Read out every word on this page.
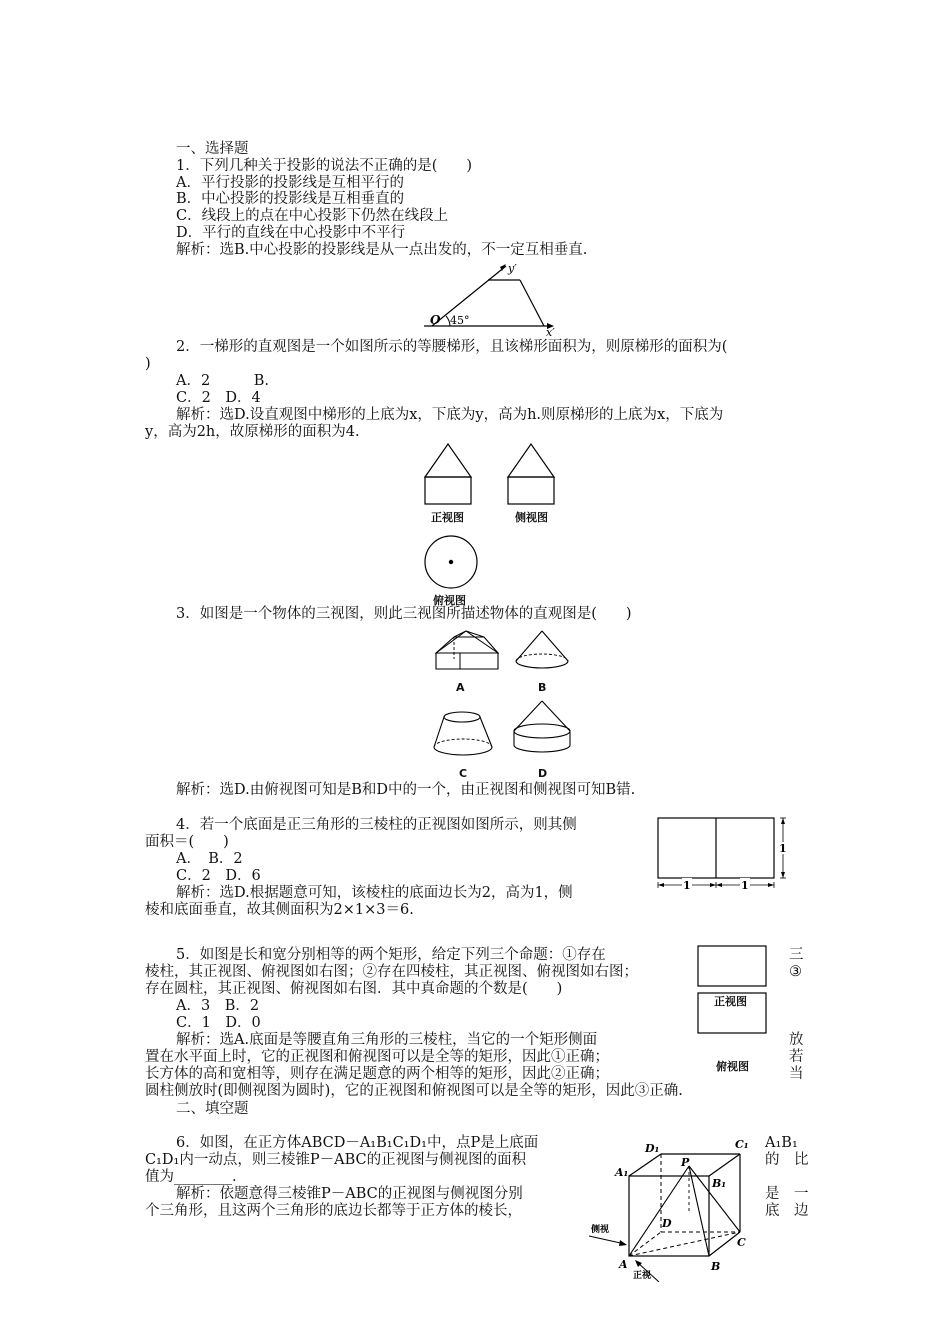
一、选择题
1．下列几种关于投影的说法不正确的是(　　)
A．平行投影的投影线是互相平行的
B．中心投影的投影线是互相垂直的
C．线段上的点在中心投影下仍然在线段上
D．平行的直线在中心投影中不平行
解析：选B.中心投影的投影线是从一点出发的，不一定互相垂直.
y′
O 45°
x′
2．一梯形的直观图是一个如图所示的等腰梯形，且该梯形面积为，则原梯形的面积为(
)
A．2　　　B.
C．2　D．4
解析：选D.设直观图中梯形的上底为x，下底为y，高为h.则原梯形的上底为x，下底为
y，高为2h，故原梯形的面积为4.
正视图	侧视图
俯视图
3．如图是一个物体的三视图，则此三视图所描述物体的直观图是(　　)
A	B
C	D
解析：选D.由俯视图可知是B和D中的一个，由正视图和侧视图可知B错.
4．若一个底面是正三角形的三棱柱的正视图如图所示，则其侧
面积＝(　　)
A．　B．2
C．2　D．6
解析：选D.根据题意可知，该棱柱的底面边长为2，高为1，侧
棱和底面垂直，故其侧面积为2×1×3＝6.
1	1
1
5．如图是长和宽分别相等的两个矩形，给定下列三个命题：①存在	三
棱柱，其正视图、俯视图如右图；②存在四棱柱，其正视图、俯视图如右图；	③
存在圆柱，其正视图、俯视图如右图．其中真命题的个数是(　　)
A．3　B．2
C．1　D．0
解析：选A.底面是等腰直角三角形的三棱柱，当它的一个矩形侧面	放
置在水平面上时，它的正视图和俯视图可以是全等的矩形，因此①正确；	若
长方体的高和宽相等，则存在满足题意的两个相等的矩形，因此②正确；	当
圆柱侧放时(即侧视图为圆时)，它的正视图和俯视图可以是全等的矩形，因此③正确.
正视图
俯视图
二、填空题
6．如图，在正方体ABCD－A₁B₁C₁D₁中，点P是上底面	A₁B₁
C₁D₁内一动点，则三棱锥P－ABC的正视图与侧视图的面积	的　比
值为________.
解析：依题意得三棱锥P－ABC的正视图与侧视图分别	是　一
个三角形，且这两个三角形的底边长都等于正方体的棱长，	底　边
D₁	C₁
A₁
B₁
P
D
C
A	B
侧视
正视
